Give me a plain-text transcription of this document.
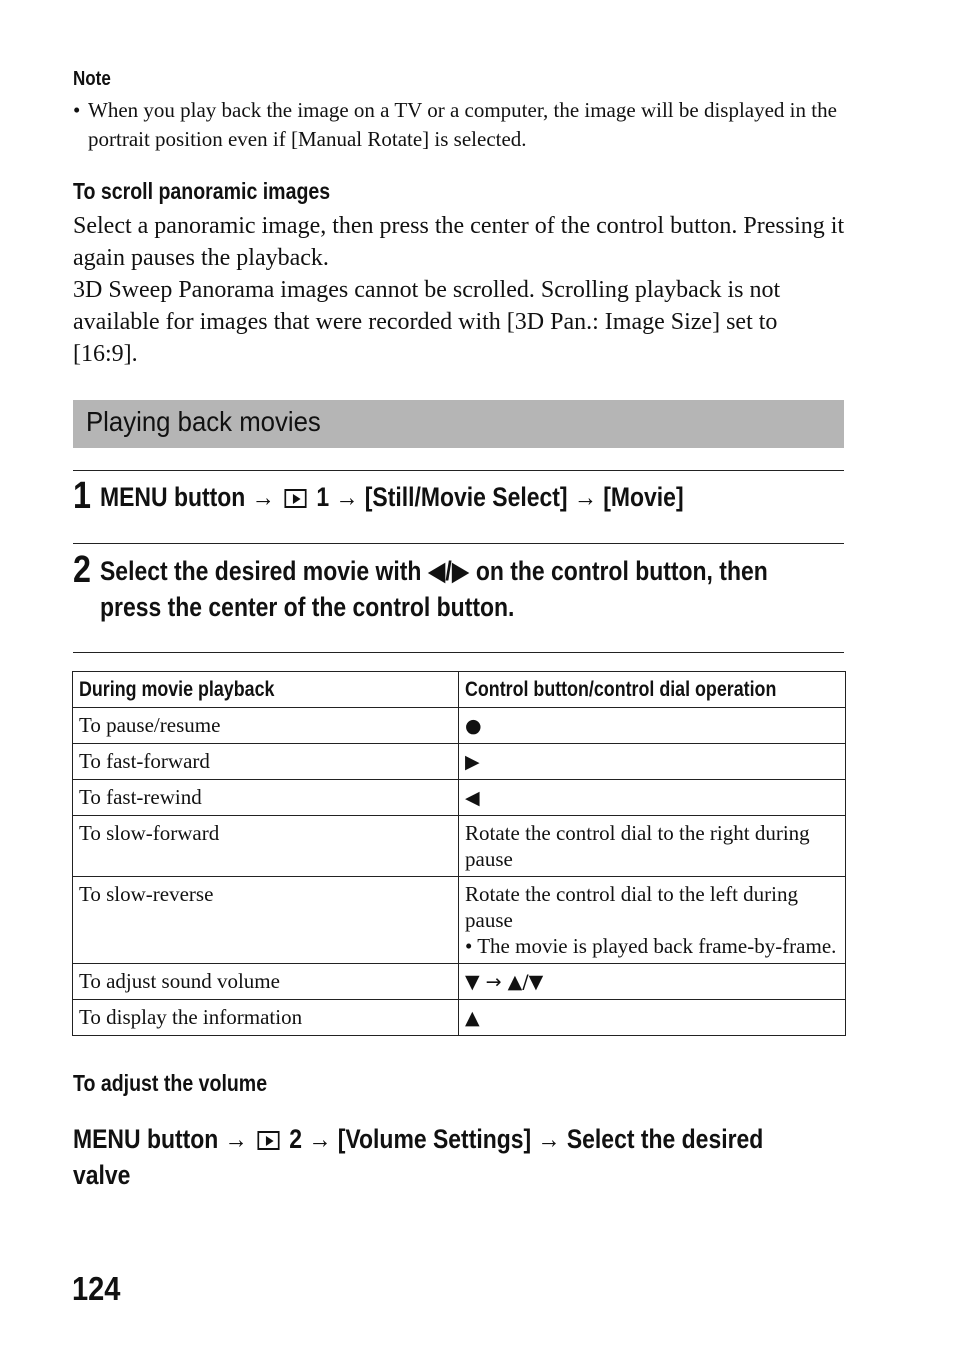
Note
• When you play back the image on a TV or a computer, the image will be displayed in the portrait position even if [Manual Rotate] is selected.
To scroll panoramic images

Select a panoramic image, then press the center of the control button. Pressing it again pauses the playback.

3D Sweep Panorama images cannot be scrolled. Scrolling playback is not available for images that were recorded with [3D Pan.: Image Size] set to [16:9].

Playing back movies
1 MENU button → 1 → [Still/Movie Select] → [Movie]
2 Select the desired movie with ◀/▶ on the control button, then
press the center of the control button.
During movie playback	Control button/control dial operation
To pause/resume	●
To fast-forward	▶
To fast-rewind	◀
To slow-forward	Rotate the control dial to the right during pause
To slow-reverse	Rotate the control dial to the left during pause
• The movie is played back frame-by-frame.

To adjust sound volume	▼ → ▲/▼
To display the information	▲
To adjust the volume
MENU button → 2 → [Volume Settings] → Select the desired valve
124
